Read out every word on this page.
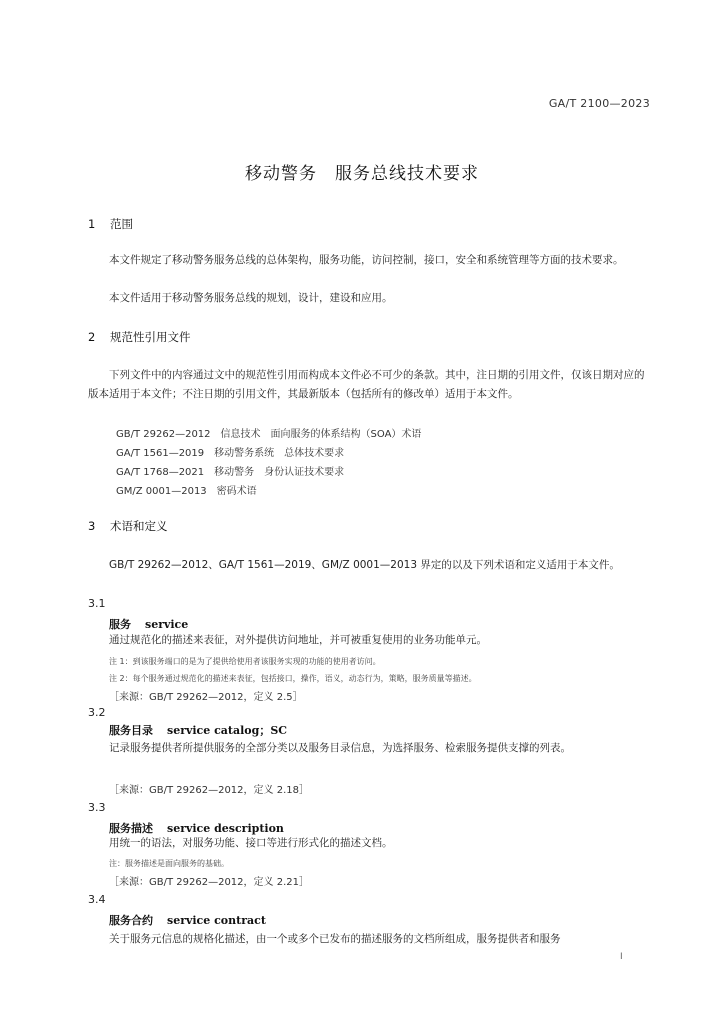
GA/T 2100—2023
移动警务　服务总线技术要求
1 范围
本文件规定了移动警务服务总线的总体架构，服务功能，访问控制，接口，安全和系统管理等方面的技术要求。
本文件适用于移动警务服务总线的规划，设计，建设和应用。
2 规范性引用文件
下列文件中的内容通过文中的规范性引用而构成本文件必不可少的条款。其中，注日期的引用文件，仅该日期对应的版本适用于本文件；不注日期的引用文件，其最新版本（包括所有的修改单）适用于本文件。
GB/T 29262—2012　信息技术　面向服务的体系结构（SOA）术语
GA/T 1561—2019　移动警务系统　总体技术要求
GA/T 1768—2021　移动警务　身份认证技术要求
GM/Z 0001—2013　密码术语
3 术语和定义
GB/T 29262—2012、GA/T 1561—2019、GM/Z 0001—2013 界定的以及下列术语和定义适用于本文件。
3.1
服务 service
通过规范化的描述来表征，对外提供访问地址，并可被重复使用的业务功能单元。
注 1：到该服务端口的是为了提供给使用者该服务实现的功能的使用者访问。
注 2：每个服务通过规范化的描述来表征，包括接口，操作，语义，动态行为，策略，服务质量等描述。
［来源：GB/T 29262—2012，定义 2.5］
3.2
服务目录 service catalog；SC
记录服务提供者所提供服务的全部分类以及服务目录信息，为选择服务、检索服务提供支撑的列表。
［来源：GB/T 29262—2012，定义 2.18］
3.3
服务描述 service description
用统一的语法，对服务功能、接口等进行形式化的描述文档。
注：服务描述是面向服务的基础。
［来源：GB/T 29262—2012，定义 2.21］
3.4
服务合约 service contract
关于服务元信息的规格化描述，由一个或多个已发布的描述服务的文档所组成，服务提供者和服务
I
